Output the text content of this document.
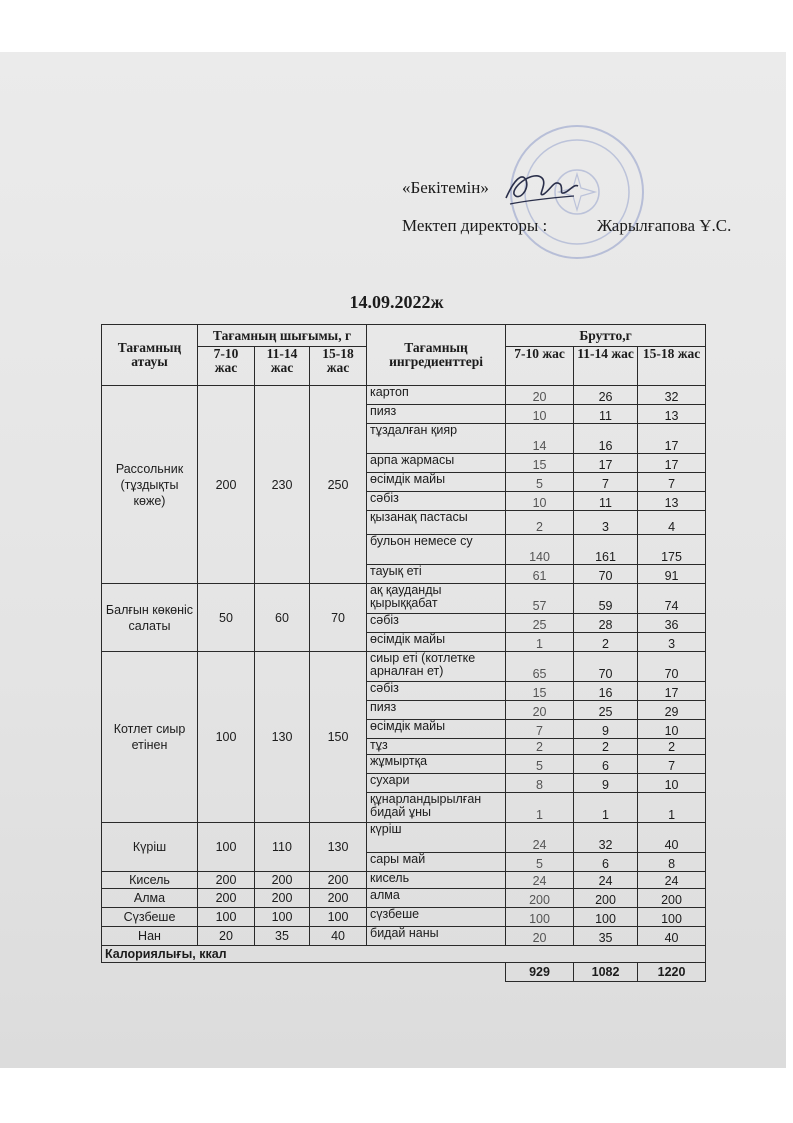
«Бекітемін»
Мектеп директоры :	Жарылғапова Ұ.С.
14.09.2022ж
Тағамның атауы	Тағамның шығымы, г			Тағамның ингредиенттері	Брутто,г		
	7-10 жас	11-14 жас	15-18 жас		7-10 жас	11-14 жас	15-18 жас
Рассольник (тұздықты көже)	200	230	250	картоп	20	26	32
				пияз	10	11	13
				тұздалған қияр	14	16	17
				арпа жармасы	15	17	17
				өсімдік майы	5	7	7
				сәбіз	10	11	13
				қызанақ пастасы	2	3	4
				бульон немесе су	140	161	175
				тауық еті	61	70	91
Балғын көкөніс салаты	50	60	70	ақ қауданды қырыққабат	57	59	74
				сәбіз	25	28	36
				өсімдік майы	1	2	3
Котлет сиыр етінен	100	130	150	сиыр еті (котлетке арналған ет)	65	70	70
				сәбіз	15	16	17
				пияз	20	25	29
				өсімдік майы	7	9	10
				тұз	2	2	2
				жұмыртқа	5	6	7
				сухари	8	9	10
				құнарландырылған бидай ұны	1	1	1
Күріш	100	110	130	күріш	24	32	40
				сары май	5	6	8
Кисель	200	200	200	кисель	24	24	24
Алма	200	200	200	алма	200	200	200
Сүзбеше	100	100	100	сүзбеше	100	100	100
Нан	20	35	40	бидай наны	20	35	40
Калориялығы, ккал							
					929	1082	1220
